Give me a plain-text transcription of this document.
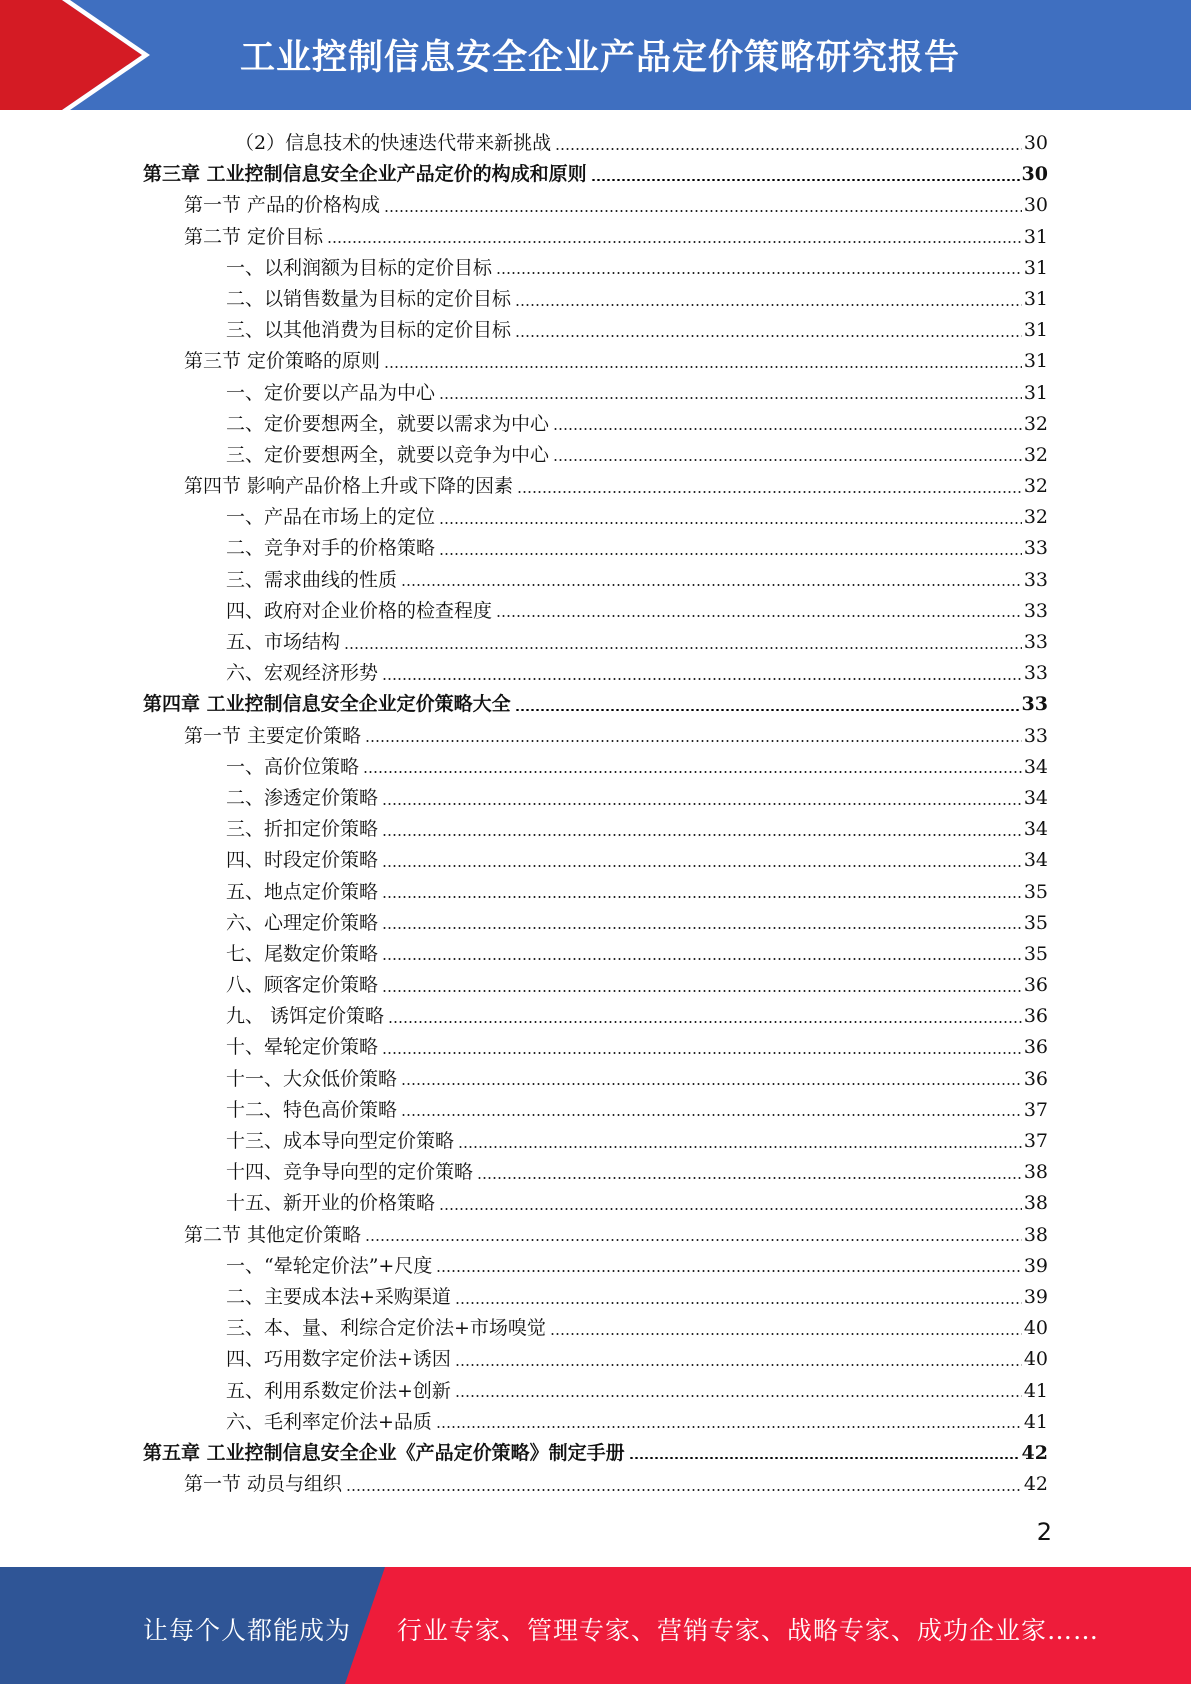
工业控制信息安全企业产品定价策略研究报告
（2）信息技术的快速迭代带来新挑战	30
第三章 工业控制信息安全企业产品定价的构成和原则	30
第一节 产品的价格构成	30
第二节 定价目标	31
一、以利润额为目标的定价目标	31
二、以销售数量为目标的定价目标	31
三、以其他消费为目标的定价目标	31
第三节 定价策略的原则	31
一、定价要以产品为中心	31
二、定价要想两全，就要以需求为中心	32
三、定价要想两全，就要以竞争为中心	32
第四节 影响产品价格上升或下降的因素	32
一、产品在市场上的定位	32
二、竞争对手的价格策略	33
三、需求曲线的性质	33
四、政府对企业价格的检查程度	33
五、市场结构	33
六、宏观经济形势	33
第四章 工业控制信息安全企业定价策略大全	33
第一节 主要定价策略	33
一、高价位策略	34
二、渗透定价策略	34
三、折扣定价策略	34
四、时段定价策略	34
五、地点定价策略	35
六、心理定价策略	35
七、尾数定价策略	35
八、顾客定价策略	36
九、 诱饵定价策略	36
十、晕轮定价策略	36
十一、大众低价策略	36
十二、特色高价策略	37
十三、成本导向型定价策略	37
十四、竞争导向型的定价策略	38
十五、新开业的价格策略	38
第二节 其他定价策略	38
一、“晕轮定价法”+尺度	39
二、主要成本法+采购渠道	39
三、本、量、利综合定价法+市场嗅觉	40
四、巧用数字定价法+诱因	40
五、利用系数定价法+创新	41
六、毛利率定价法+品质	41
第五章 工业控制信息安全企业《产品定价策略》制定手册	42
第一节 动员与组织	42
2
让每个人都能成为 行业专家、管理专家、营销专家、战略专家、成功企业家……
